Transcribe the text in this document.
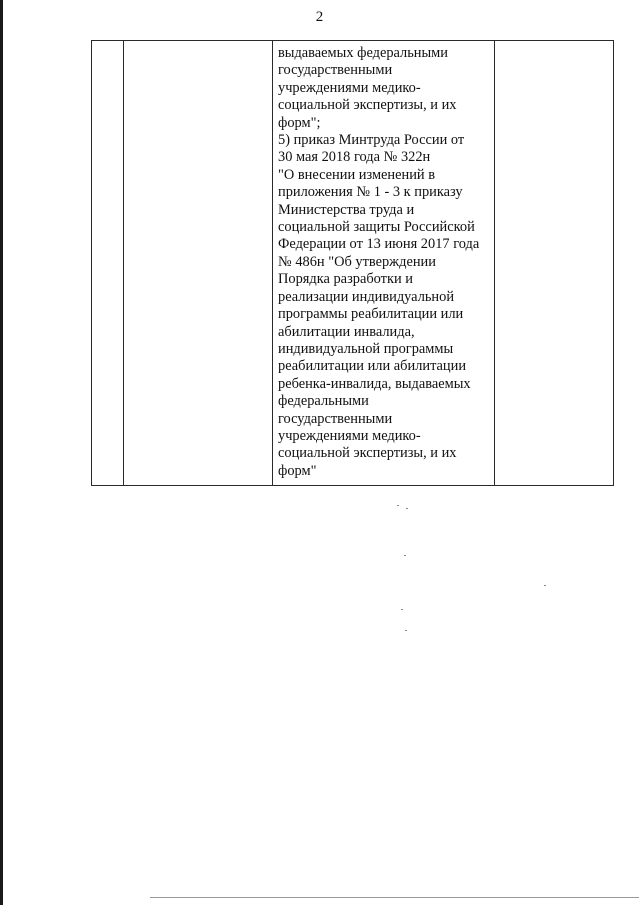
2
выдаваемых федеральными
государственными
учреждениями медико-
социальной экспертизы, и их
форм";
5) приказ Минтруда России от
30 мая 2018 года № 322н
"О внесении изменений в
приложения № 1 - 3 к приказу
Министерства труда и
социальной защиты Российской
Федерации от 13 июня 2017 года
№ 486н "Об утверждении
Порядка разработки и
реализации индивидуальной
программы реабилитации или
абилитации инвалида,
индивидуальной программы
реабилитации или абилитации
ребенка-инвалида, выдаваемых
федеральными
государственными
учреждениями медико-
социальной экспертизы, и их
форм"
